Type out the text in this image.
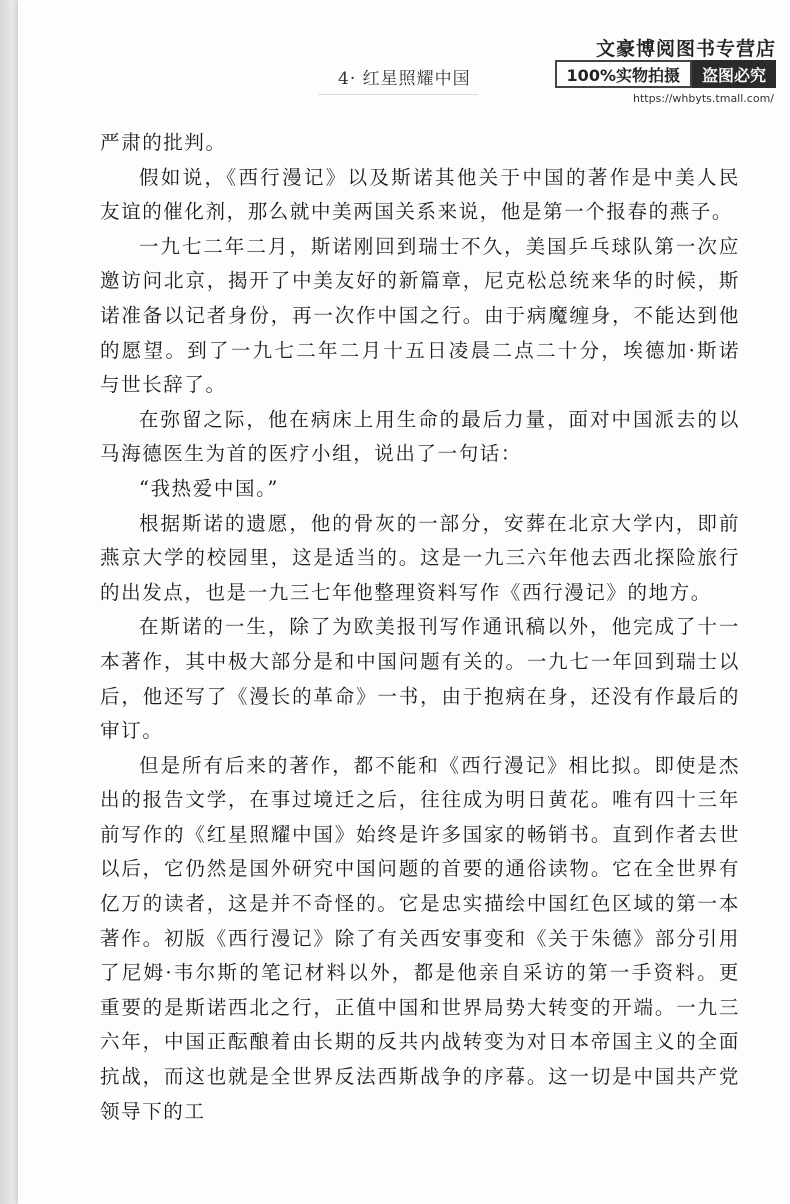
4· 红星照耀中国
文豪博阅图书专营店
100%实物拍摄	盗图必究
https://whbyts.tmall.com/

严肃的批判。

假如说，《西行漫记》以及斯诺其他关于中国的著作是中美人民友谊的催化剂，那么就中美两国关系来说，他是第一个报春的燕子。

一九七二年二月，斯诺刚回到瑞士不久，美国乒乓球队第一次应邀访问北京，揭开了中美友好的新篇章，尼克松总统来华的时候，斯诺准备以记者身份，再一次作中国之行。由于病魔缠身，不能达到他的愿望。到了一九七二年二月十五日凌晨二点二十分，埃德加·斯诺与世长辞了。

在弥留之际，他在病床上用生命的最后力量，面对中国派去的以马海德医生为首的医疗小组，说出了一句话：

“我热爱中国。”

根据斯诺的遗愿，他的骨灰的一部分，安葬在北京大学内，即前燕京大学的校园里，这是适当的。这是一九三六年他去西北探险旅行的出发点，也是一九三七年他整理资料写作《西行漫记》的地方。

在斯诺的一生，除了为欧美报刊写作通讯稿以外，他完成了十一本著作，其中极大部分是和中国问题有关的。一九七一年回到瑞士以后，他还写了《漫长的革命》一书，由于抱病在身，还没有作最后的审订。

但是所有后来的著作，都不能和《西行漫记》相比拟。即使是杰出的报告文学，在事过境迁之后，往往成为明日黄花。唯有四十三年前写作的《红星照耀中国》始终是许多国家的畅销书。直到作者去世以后，它仍然是国外研究中国问题的首要的通俗读物。它在全世界有亿万的读者，这是并不奇怪的。它是忠实描绘中国红色区域的第一本著作。初版《西行漫记》除了有关西安事变和《关于朱德》部分引用了尼姆·韦尔斯的笔记材料以外，都是他亲自采访的第一手资料。更重要的是斯诺西北之行，正值中国和世界局势大转变的开端。一九三六年，中国正酝酿着由长期的反共内战转变为对日本帝国主义的全面抗战，而这也就是全世界反法西斯战争的序幕。这一切是中国共产党领导下的工
